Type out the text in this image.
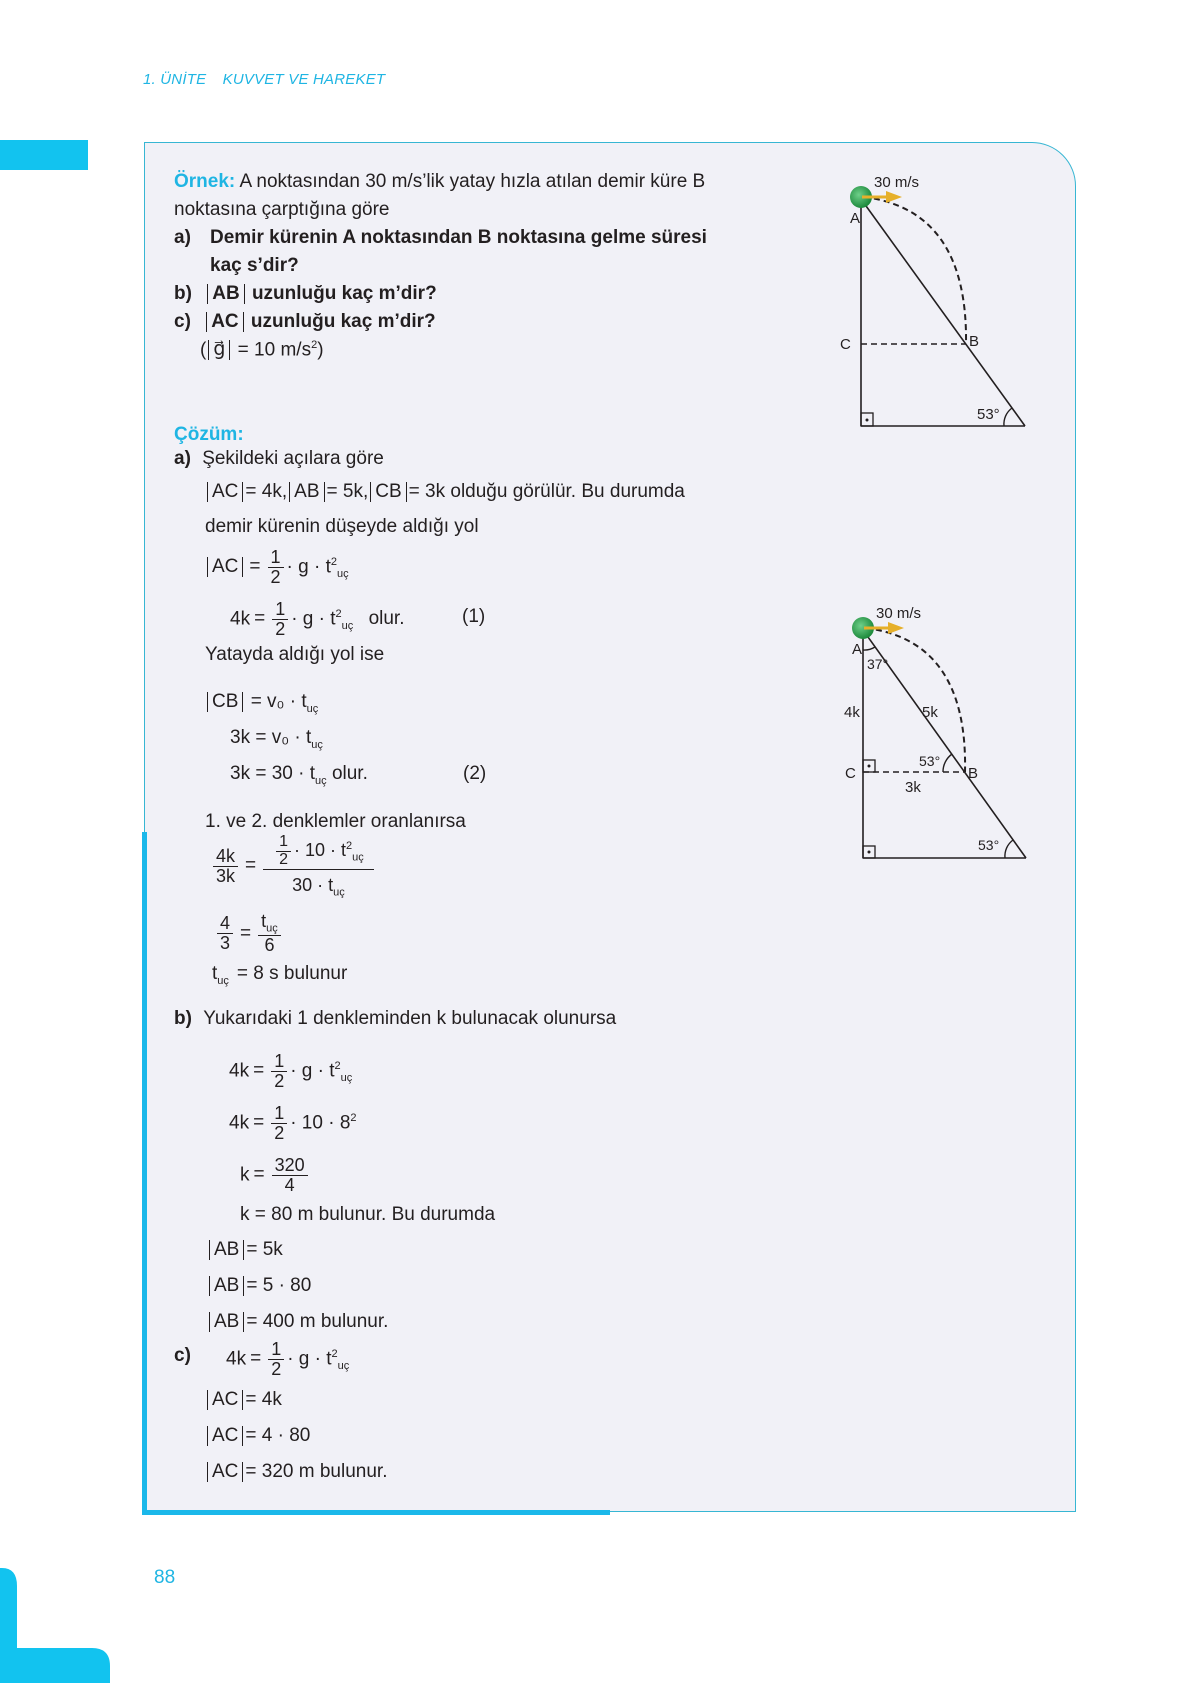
1. ÜNİTE KUVVET VE HAREKET
Örnek: A noktasından 30 m/s’lik yatay hızla atılan demir küre B
noktasına çarptığına göre
a) Demir kürenin A noktasından B noktasına gelme süresi
kaç s’dir?
b) AB uzunluğu kaç m’dir?
c) AC uzunluğu kaç m’dir?
( g⃗ = 10 $m/s^2$)
30 m/s
A
C	B
53°
Çözüm:
a) Şekildeki açılara göre
AC = 4k, AB = 5k, CB = 3k olduğu görülür. Bu durumda
demir kürenin düşeyde aldığı yol
AC = $\frac{1}{2} \cdot g \cdot t^2_{uç}$
$4k = \frac{1}{2} \cdot g \cdot t^2_{uç}$ olur.	(1)
Yatayda aldığı yol ise
CB = $v_0 \cdot t_{uç}$
$3k = v_0 \cdot t_{uç}$
$3k = 30 \cdot t_{uç}$ olur.	(2)
1. ve 2. denklemler oranlanırsa
$\frac{4k}{3k} = \frac{\frac{1}{2} \cdot 10 \cdot t^2_{uç}}{30 \cdot t_{uç}}$
$\frac{4}{3} = \frac{t_{uç}}{6}$
$t_{uç} = 8$ s bulunur
b) Yukarıdaki 1 denkleminden k bulunacak olunursa
$4k = \frac{1}{2} \cdot g \cdot t^2_{uç}$
$4k = \frac{1}{2} \cdot 10 \cdot 8^2$
$k = \frac{320}{4}$
k = 80 m bulunur. Bu durumda
AB = 5k
AB = 5 · 80
AB = 400 m bulunur.
c) $4k = \frac{1}{2} \cdot g \cdot t^2_{uç}$
AC = 4k
AC = 4 · 80
AC = 320 m bulunur.
30 m/s
A
37°
4k	5k
53°
C	B
3k
53°
88
